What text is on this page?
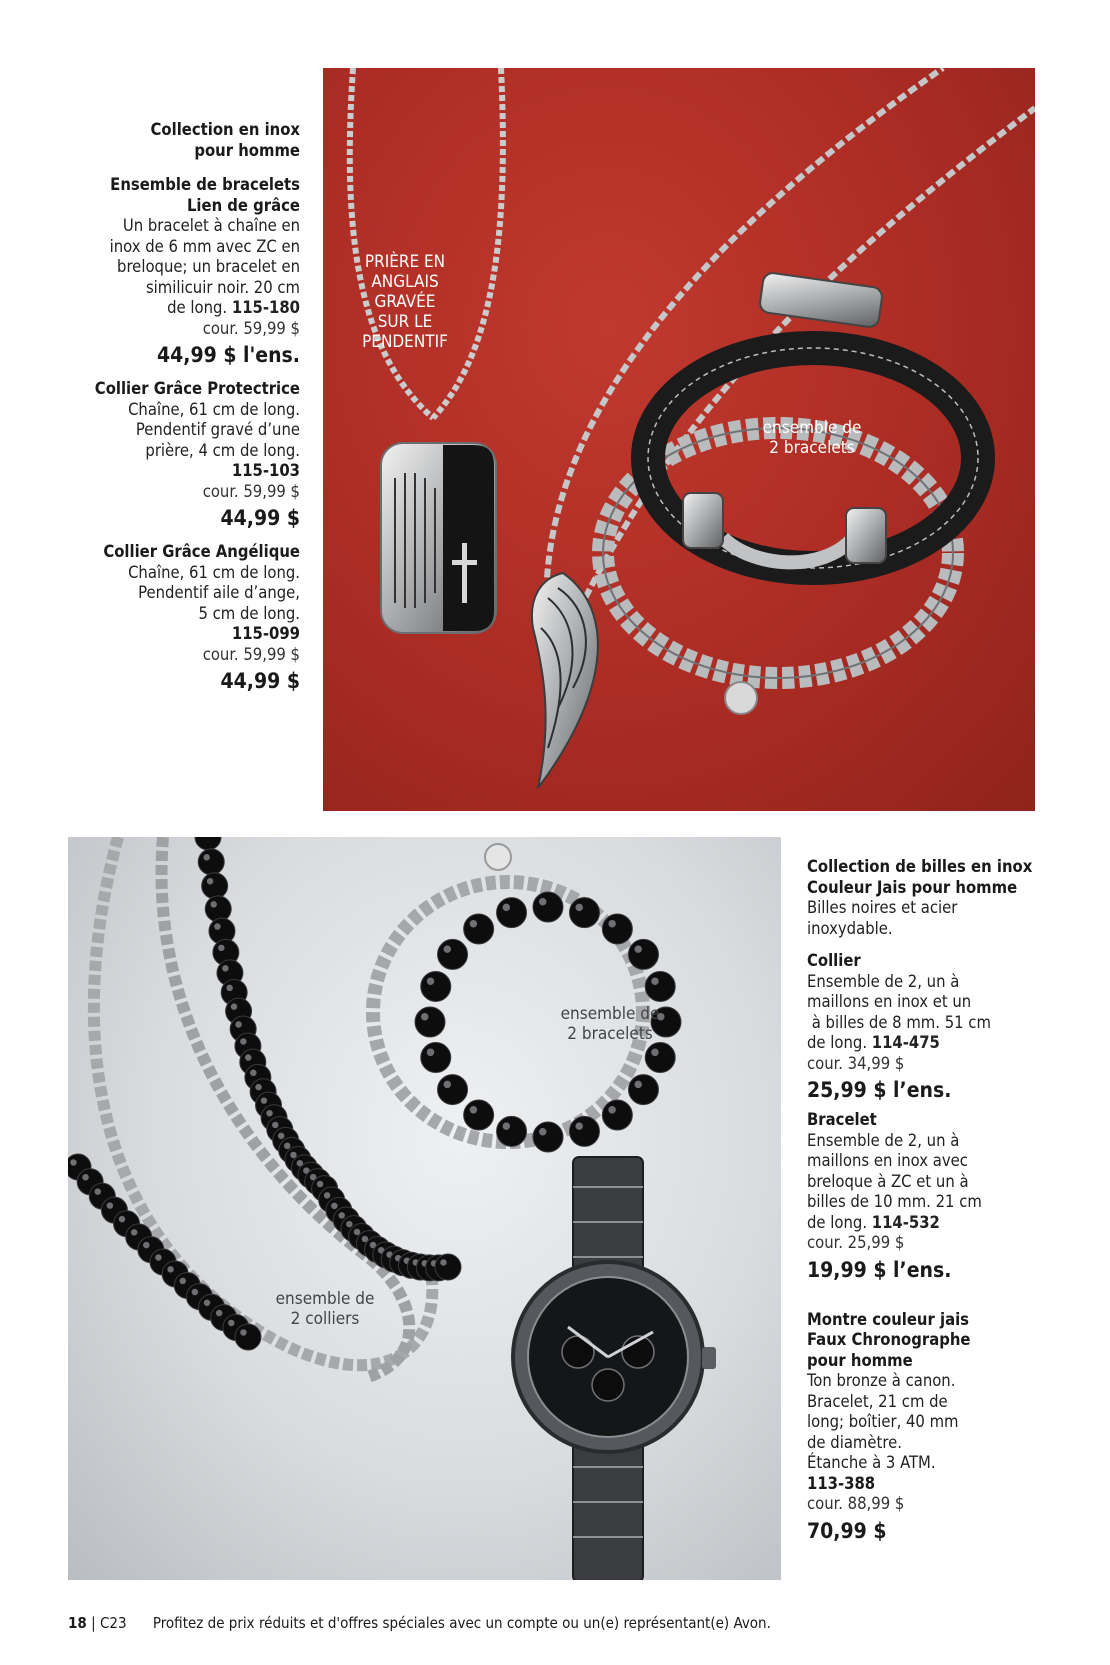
Collection en inox
pour homme
Ensemble de bracelets
Lien de grâce
Un bracelet à chaîne en
inox de 6 mm avec ZC en
breloque; un bracelet en
similicuir noir. 20 cm
de long. 115-180
cour. 59,99 $
44,99 $ l'ens.
Collier Grâce Protectrice
Chaîne, 61 cm de long.
Pendentif gravé d’une
prière, 4 cm de long.
115-103
cour. 59,99 $
44,99 $
Collier Grâce Angélique
Chaîne, 61 cm de long.
Pendentif aile d’ange,
5 cm de long.
115-099
cour. 59,99 $
44,99 $
PRIÈRE EN
ANGLAIS
GRAVÉE
SUR LE
PENDENTIF
ensemble de
2 bracelets
ensemble de
2 bracelets
ensemble de
2 colliers
Collection de billes en inox
Couleur Jais pour homme
Billes noires et acier
inoxydable.
Collier
Ensemble de 2, un à
maillons en inox et un
à billes de 8 mm. 51 cm
de long. 114-475
cour. 34,99 $
25,99 $ l’ens.
Bracelet
Ensemble de 2, un à
maillons en inox avec
breloque à ZC et un à
billes de 10 mm. 21 cm
de long. 114-532
cour. 25,99 $
19,99 $ l’ens.
Montre couleur jais
Faux Chronographe
pour homme
Ton bronze à canon.
Bracelet, 21 cm de
long; boîtier, 40 mm
de diamètre.
Étanche à 3 ATM.
113-388
cour. 88,99 $
70,99 $
18 | C23 Profitez de prix réduits et d'offres spéciales avec un compte ou un(e) représentant(e) Avon.
